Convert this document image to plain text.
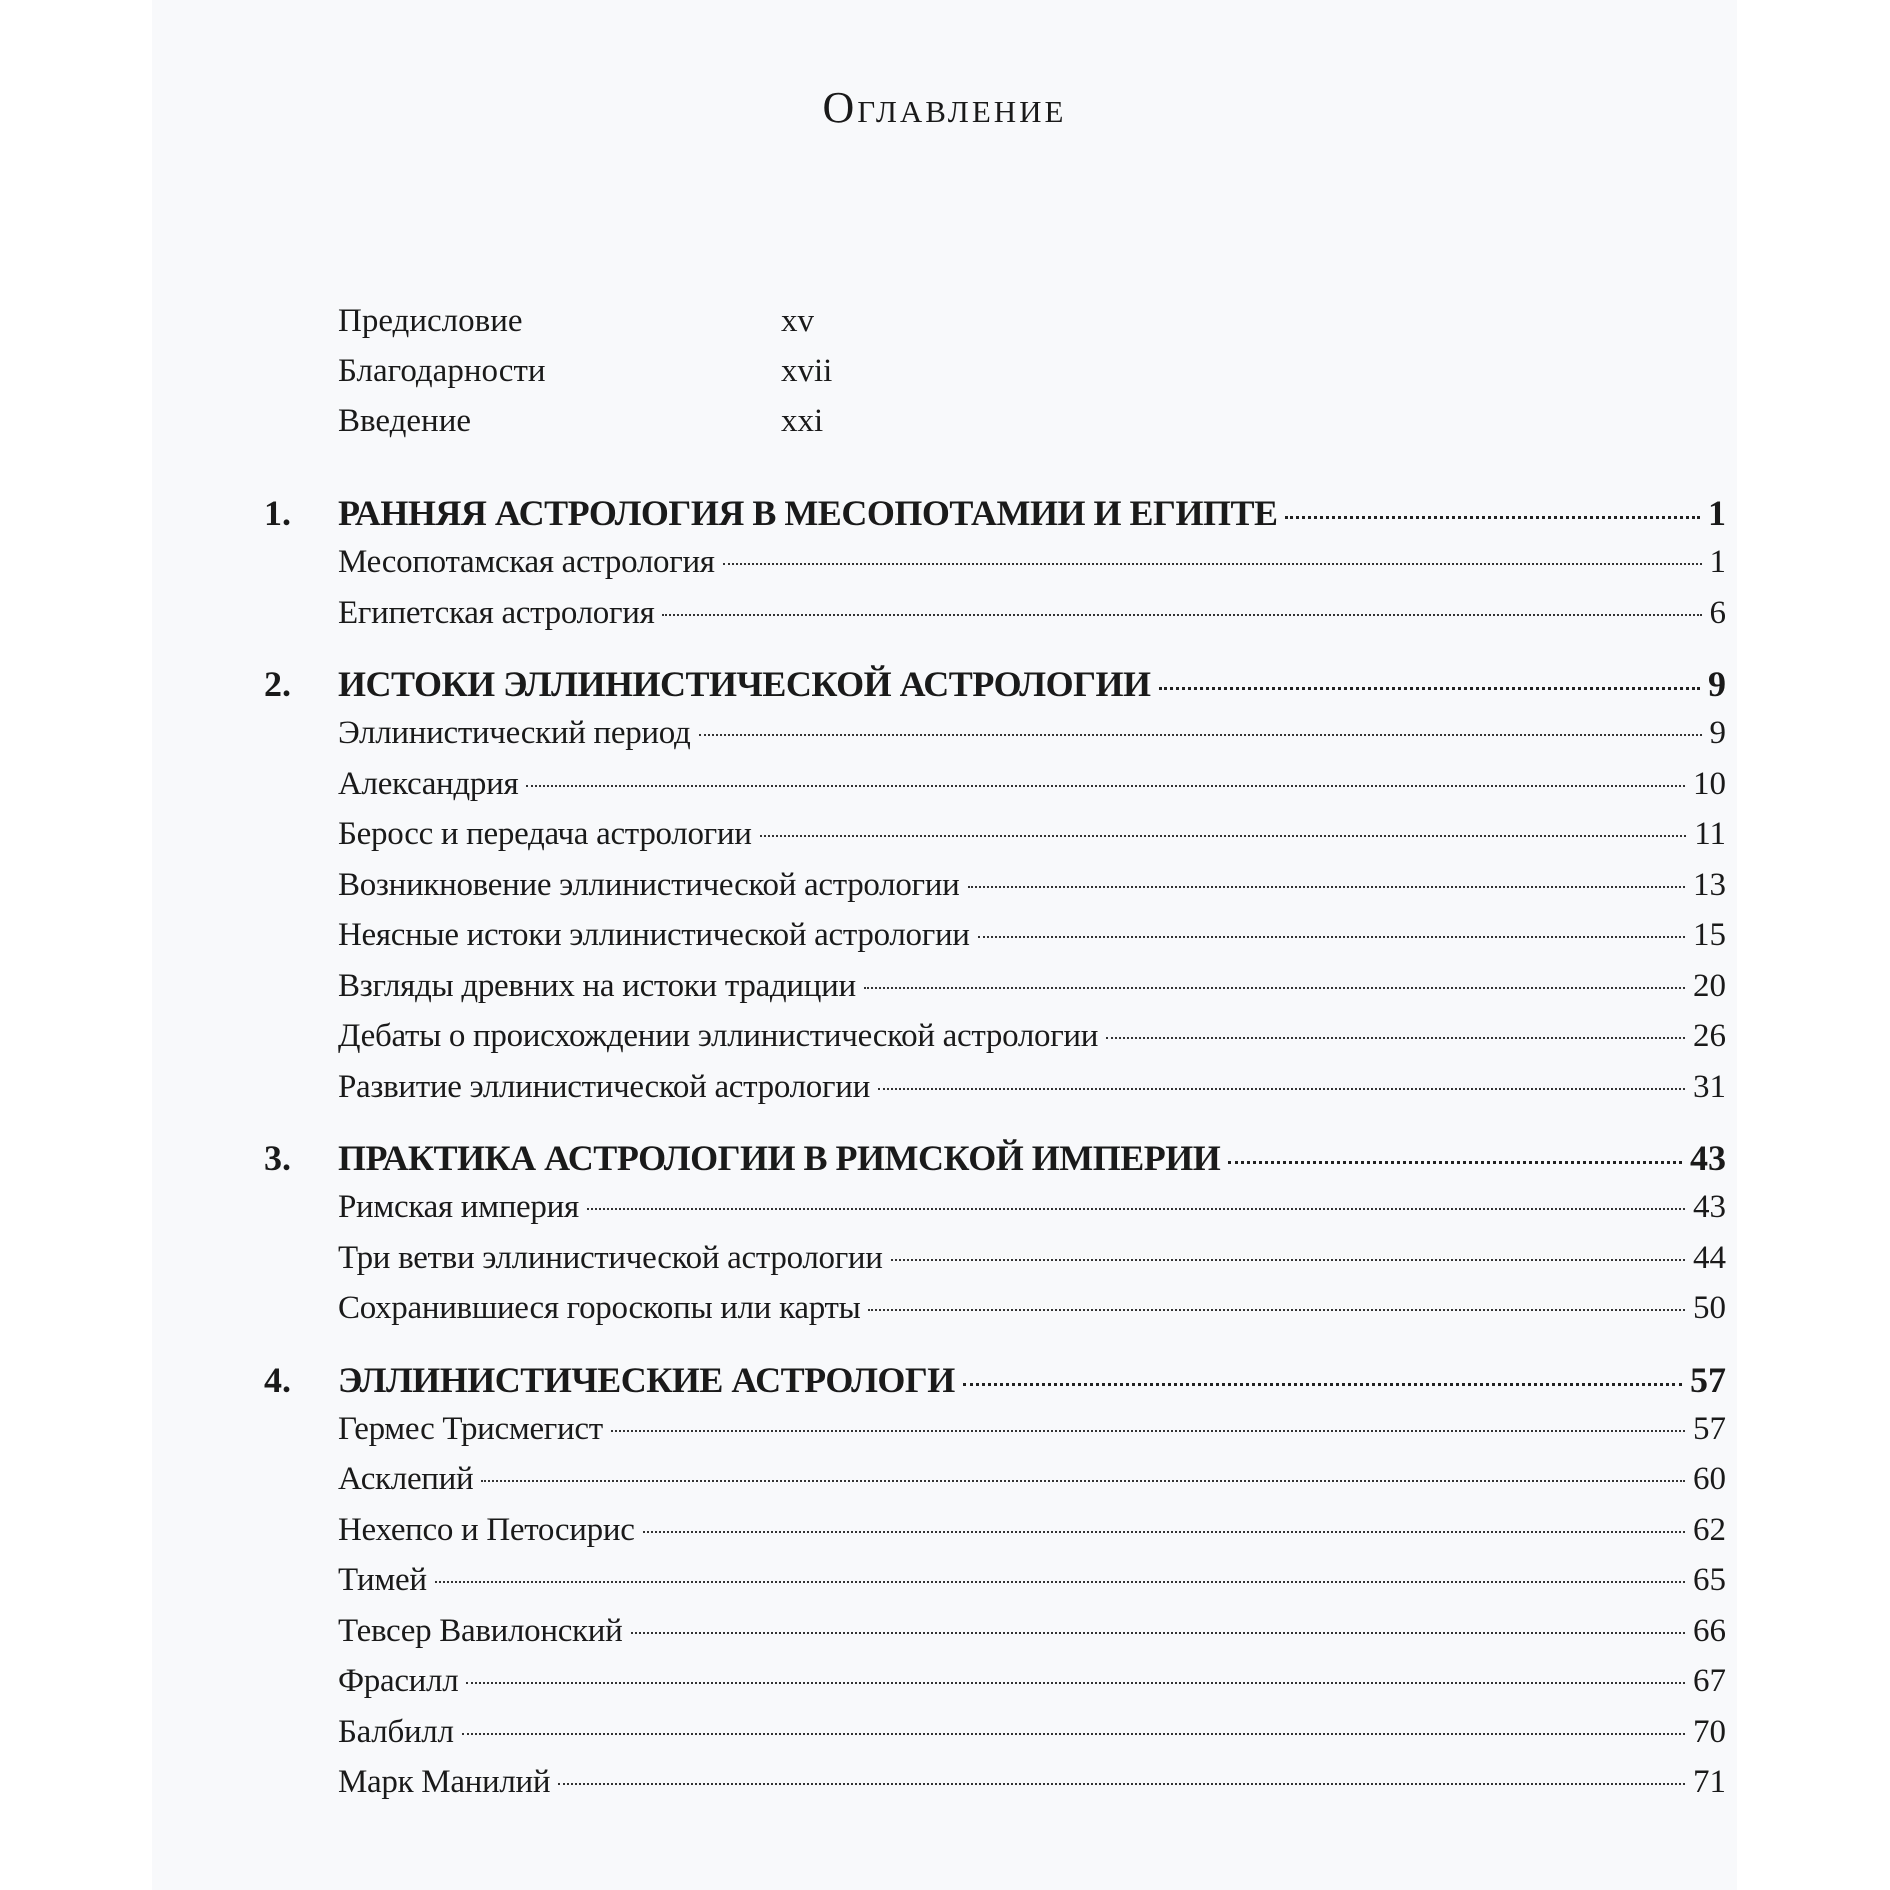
Оглавление
Предисловие	xv
Благодарности	xvii
Введение	xxi
1.	РАННЯЯ АСТРОЛОГИЯ В МЕСОПОТАМИИ И ЕГИПТЕ	1
Месопотамская астрология	1
Египетская астрология	6
2.	ИСТОКИ ЭЛЛИНИСТИЧЕСКОЙ АСТРОЛОГИИ	9
Эллинистический период	9
Александрия	10
Беросс и передача астрологии	11
Возникновение эллинистической астрологии	13
Неясные истоки эллинистической астрологии	15
Взгляды древних на истоки традиции	20
Дебаты о происхождении эллинистической астрологии	26
Развитие эллинистической астрологии	31
3.	ПРАКТИКА АСТРОЛОГИИ В РИМСКОЙ ИМПЕРИИ	43
Римская империя	43
Три ветви эллинистической астрологии	44
Сохранившиеся гороскопы или карты	50
4.	ЭЛЛИНИСТИЧЕСКИЕ АСТРОЛОГИ	57
Гермес Трисмегист	57
Асклепий	60
Нехепсо и Петосирис	62
Тимей	65
Тевсер Вавилонский	66
Фрасилл	67
Балбилл	70
Марк Манилий	71
